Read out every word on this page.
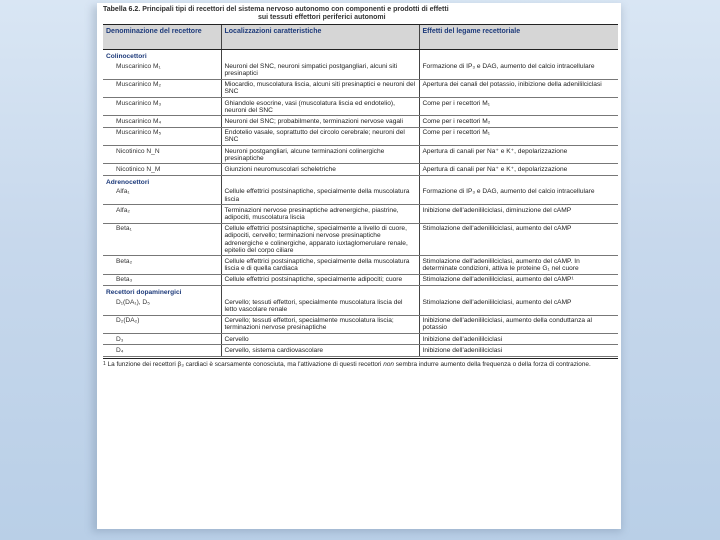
Tabella 6.2. Principali tipi di recettori del sistema nervoso autonomo con componenti e prodotti di effetti
sui tessuti effettori periferici autonomi
Denominazione del recettore	Localizzazioni caratteristiche	Effetti del legame recettoriale
Colinocettori		
Muscarinico M₁	Neuroni del SNC, neuroni simpatici postgangliari, alcuni siti presinaptici	Formazione di IP₃ e DAG, aumento del calcio intracellulare
Muscarinico M₂	Miocardio, muscolatura liscia, alcuni siti presinaptici e neuroni del SNC	Apertura dei canali del potassio, inibizione della adenililciclasi
Muscarinico M₃	Ghiandole esocrine, vasi (muscolatura liscia ed endotelio), neuroni del SNC	Come per i recettori M₁
Muscarinico M₄	Neuroni del SNC; probabilmente, terminazioni nervose vagali	Come per i recettori M₂
Muscarinico M₅	Endotelio vasale, soprattutto del circolo cerebrale; neuroni del SNC	Come per i recettori M₁
Nicotinico N_N	Neuroni postgangliari, alcune terminazioni colinergiche presinaptiche	Apertura di canali per Na⁺ e K⁺, depolarizzazione
Nicotinico N_M	Giunzioni neuromuscolari scheletriche	Apertura di canali per Na⁺ e K⁺, depolarizzazione
Adrenocettori		
Alfa₁	Cellule effettrici postsinaptiche, specialmente della muscolatura liscia	Formazione di IP₃ e DAG, aumento del calcio intracellulare
Alfa₂	Terminazioni nervose presinaptiche adrenergiche, piastrine, adipociti, muscolatura liscia	Inibizione dell'adenililciclasi, diminuzione del cAMP
Beta₁	Cellule effettrici postsinaptiche, specialmente a livello di cuore, adipociti, cervello; terminazioni nervose presinaptiche adrenergiche e colinergiche, apparato iuxtaglomerulare renale, epitelio del corpo ciliare	Stimolazione dell'adenililciclasi, aumento del cAMP
Beta₂	Cellule effettrici postsinaptiche, specialmente della muscolatura liscia e di quella cardiaca	Stimolazione dell'adenililciclasi, aumento del cAMP. In determinate condizioni, attiva le proteine G₁ nel cuore
Beta₃	Cellule effettrici postsinaptiche, specialmente adipociti; cuore	Stimolazione dell'adenililciclasi, aumento del cAMP¹
Recettori dopaminergici		
D₁(DA₁), D₅	Cervello; tessuti effettori, specialmente muscolatura liscia del letto vascolare renale	Stimolazione dell'adenililciclasi, aumento del cAMP
D₂(DA₂)	Cervello; tessuti effettori, specialmente muscolatura liscia; terminazioni nervose presinaptiche	Inibizione dell'adenililciclasi, aumento della conduttanza al potassio
D₃	Cervello	Inibizione dell'adenililciclasi
D₄	Cervello, sistema cardiovascolare	Inibizione dell'adenililciclasi
$^1$ La funzione dei recettori β₃ cardiaci è scarsamente conosciuta, ma l'attivazione di questi recettori non sembra indurre aumento della frequenza o della forza di contrazione.
